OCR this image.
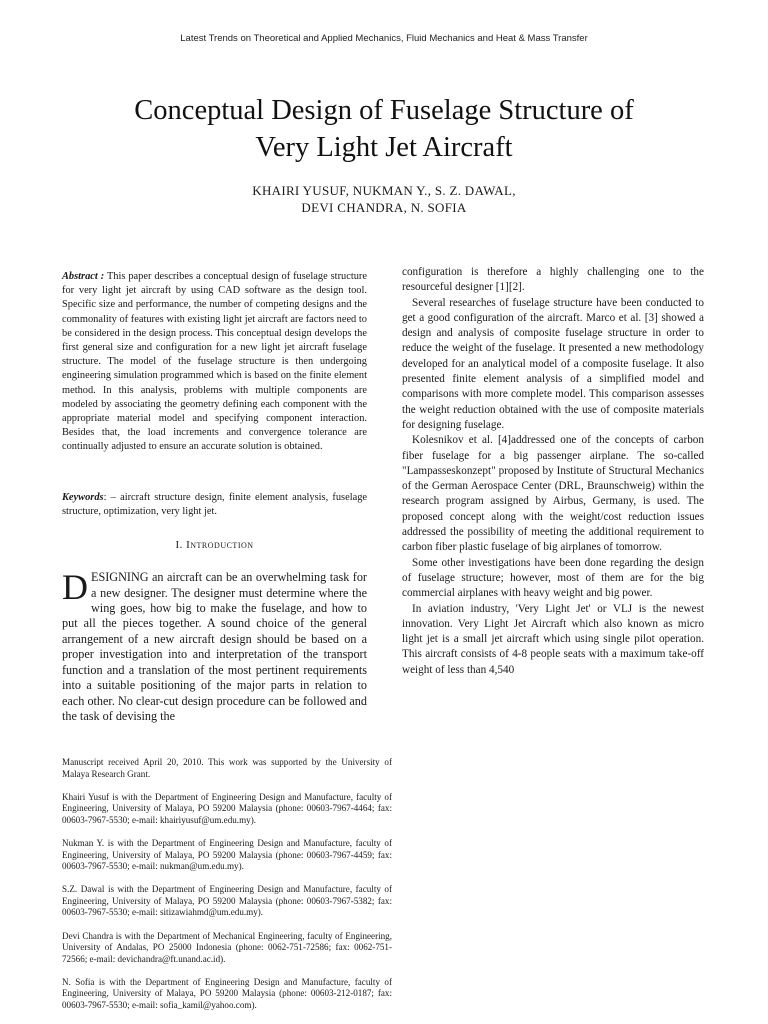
Latest Trends on Theoretical and Applied Mechanics, Fluid Mechanics and Heat & Mass Transfer
Conceptual Design of Fuselage Structure of
Very Light Jet Aircraft
KHAIRI YUSUF, NUKMAN Y., S. Z. DAWAL,
DEVI CHANDRA, N. SOFIA
Abstract : This paper describes a conceptual design of fuselage structure for very light jet aircraft by using CAD software as the design tool. Specific size and performance, the number of competing designs and the commonality of features with existing light jet aircraft are factors need to be considered in the design process. This conceptual design develops the first general size and configuration for a new light jet aircraft fuselage structure. The model of the fuselage structure is then undergoing engineering simulation programmed which is based on the finite element method. In this analysis, problems with multiple components are modeled by associating the geometry defining each component with the appropriate material model and specifying component interaction. Besides that, the load increments and convergence tolerance are continually adjusted to ensure an accurate solution is obtained.
Keywords: – aircraft structure design, finite element analysis, fuselage structure, optimization, very light jet.
I. Introduction

DESIGNING an aircraft can be an overwhelming task for a new designer. The designer must determine where the wing goes, how big to make the fuselage, and how to put all the pieces together. A sound choice of the general arrangement of a new aircraft design should be based on a proper investigation into and interpretation of the transport function and a translation of the most pertinent requirements into a suitable positioning of the major parts in relation to each other. No clear-cut design procedure can be followed and the task of devising the

Manuscript received April 20, 2010. This work was supported by the University of Malaya Research Grant.

Khairi Yusuf is with the Department of Engineering Design and Manufacture, faculty of Engineering, University of Malaya, PO 59200 Malaysia (phone: 00603-7967-4464; fax: 00603-7967-5530; e-mail: khairiyusuf@um.edu.my).

Nukman Y. is with the Department of Engineering Design and Manufacture, faculty of Engineering, University of Malaya, PO 59200 Malaysia (phone: 00603-7967-4459; fax: 00603-7967-5530; e-mail: nukman@um.edu.my).

S.Z. Dawal is with the Department of Engineering Design and Manufacture, faculty of Engineering, University of Malaya, PO 59200 Malaysia (phone: 00603-7967-5382; fax: 00603-7967-5530; e-mail: sitizawiahmd@um.edu.my).

Devi Chandra is with the Department of Mechanical Engineering, faculty of Engineering, University of Andalas, PO 25000 Indonesia (phone: 0062-751-72586; fax: 0062-751-72566; e-mail: devichandra@ft.unand.ac.id).

N. Sofia is with the Department of Engineering Design and Manufacture, faculty of Engineering, University of Malaya, PO 59200 Malaysia (phone: 00603-212-0187; fax: 00603-7967-5530; e-mail: sofia_kamil@yahoo.com).

configuration is therefore a highly challenging one to the resourceful designer [1][2].

Several researches of fuselage structure have been conducted to get a good configuration of the aircraft. Marco et al. [3] showed a design and analysis of composite fuselage structure in order to reduce the weight of the fuselage. It presented a new methodology developed for an analytical model of a composite fuselage. It also presented finite element analysis of a simplified model and comparisons with more complete model. This comparison assesses the weight reduction obtained with the use of composite materials for designing fuselage.

Kolesnikov et al. [4]addressed one of the concepts of carbon fiber fuselage for a big passenger airplane. The so-called "Lampasseskonzept" proposed by Institute of Structural Mechanics of the German Aerospace Center (DRL, Braunschweig) within the research program assigned by Airbus, Germany, is used. The proposed concept along with the weight/cost reduction issues addressed the possibility of meeting the additional requirement to carbon fiber plastic fuselage of big airplanes of tomorrow.

Some other investigations have been done regarding the design of fuselage structure; however, most of them are for the big commercial airplanes with heavy weight and big power.

In aviation industry, 'Very Light Jet' or VLJ is the newest innovation. Very Light Jet Aircraft which also known as micro light jet is a small jet aircraft which using single pilot operation. This aircraft consists of 4-8 people seats with a maximum take-off weight of less than 4,540
